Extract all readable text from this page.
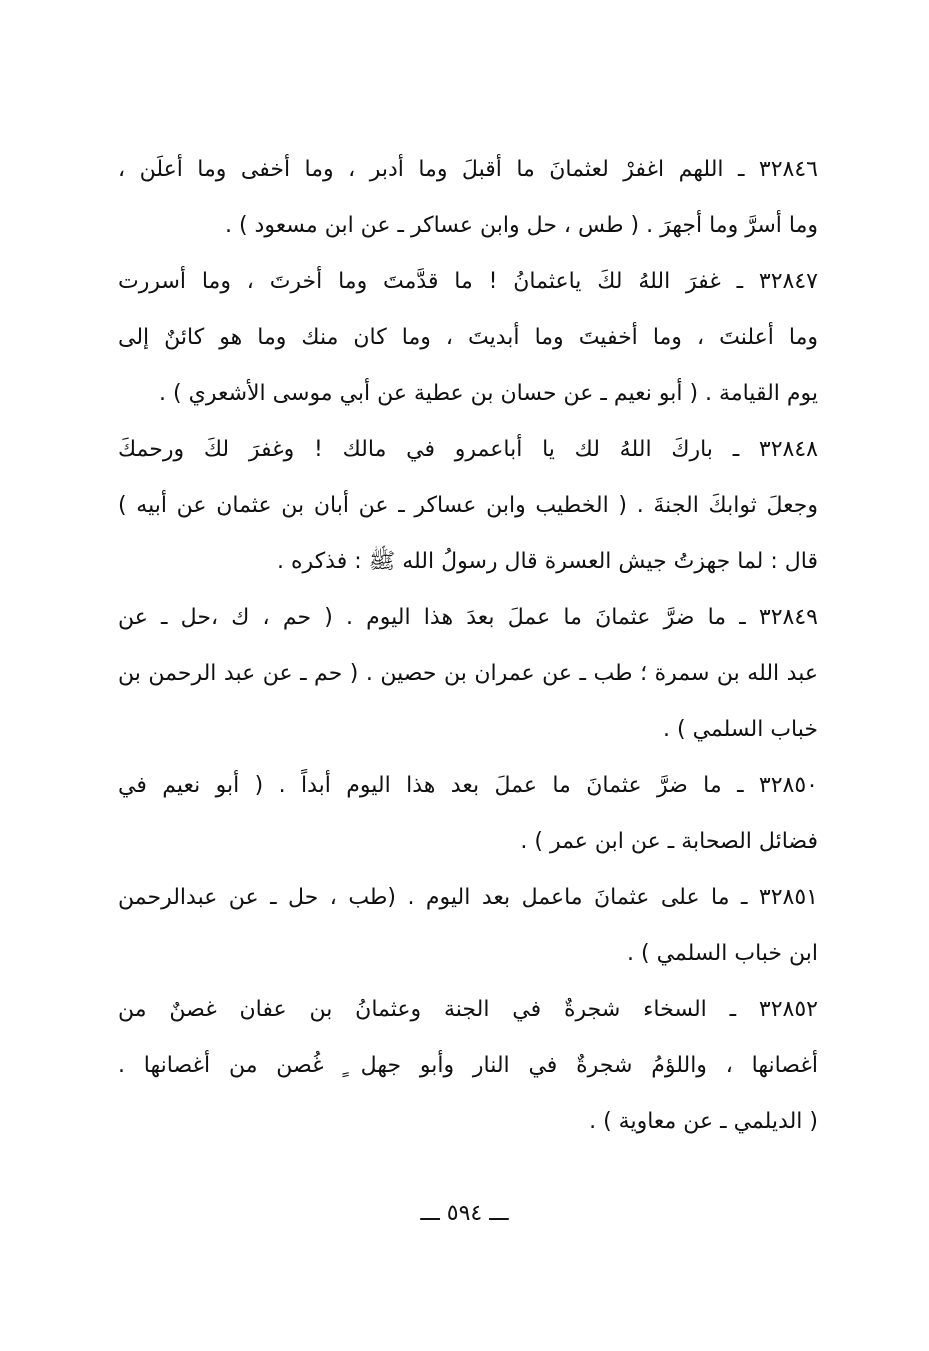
٣٢٨٤٦ ـ اللهم اغفرْ لعثمانَ ما أقبلَ وما أدبر ، وما أخفى وما أعلَن ،
وما أسرَّ وما أجهرَ . ( طس ، حل وابن عساكر ـ عن ابن مسعود ) .
٣٢٨٤٧ ـ غفرَ اللهُ لكَ ياعثمانُ ! ما قدَّمتَ وما أخرتَ ، وما أسررت
وما أعلنتَ ، وما أخفيتَ وما أبديتَ ، وما كان منك وما هو كائنٌ إلى
يوم القيامة . ( أبو نعيم ـ عن حسان بن عطية عن أبي موسى الأشعري ) .
٣٢٨٤٨ ـ باركَ اللهُ لك يا أباعمرو في مالك ! وغفرَ لكَ ورحمكَ
وجعلَ ثوابكَ الجنةَ . ( الخطيب وابن عساكر ـ عن أبان بن عثمان عن أبيه )
قال : لما جهزتُ جيش العسرة قال رسولُ الله ﷺ : فذكره .
٣٢٨٤٩ ـ ما ضرَّ عثمانَ ما عملَ بعدَ هذا اليوم . ( حم ، ك ،حل ـ عن
عبد الله بن سمرة ؛ طب ـ عن عمران بن حصين . ( حم ـ عن عبد الرحمن بن
خباب السلمي ) .
٣٢٨٥٠ ـ ما ضرَّ عثمانَ ما عملَ بعد هذا اليوم أبداً . ( أبو نعيم في
فضائل الصحابة ـ عن ابن عمر ) .
٣٢٨٥١ ـ ما على عثمانَ ماعمل بعد اليوم . (طب ، حل ـ عن عبدالرحمن
ابن خباب السلمي ) .
٣٢٨٥٢ ـ السخاء شجرةٌ في الجنة وعثمانُ بن عفان غصنٌ من
أغصانها ، واللؤمُ شجرةٌ في النار وأبو جهل ٍ غُصن من أغصانها .
( الديلمي ـ عن معاوية ) .
ـــ ٥٩٤ ـــ
